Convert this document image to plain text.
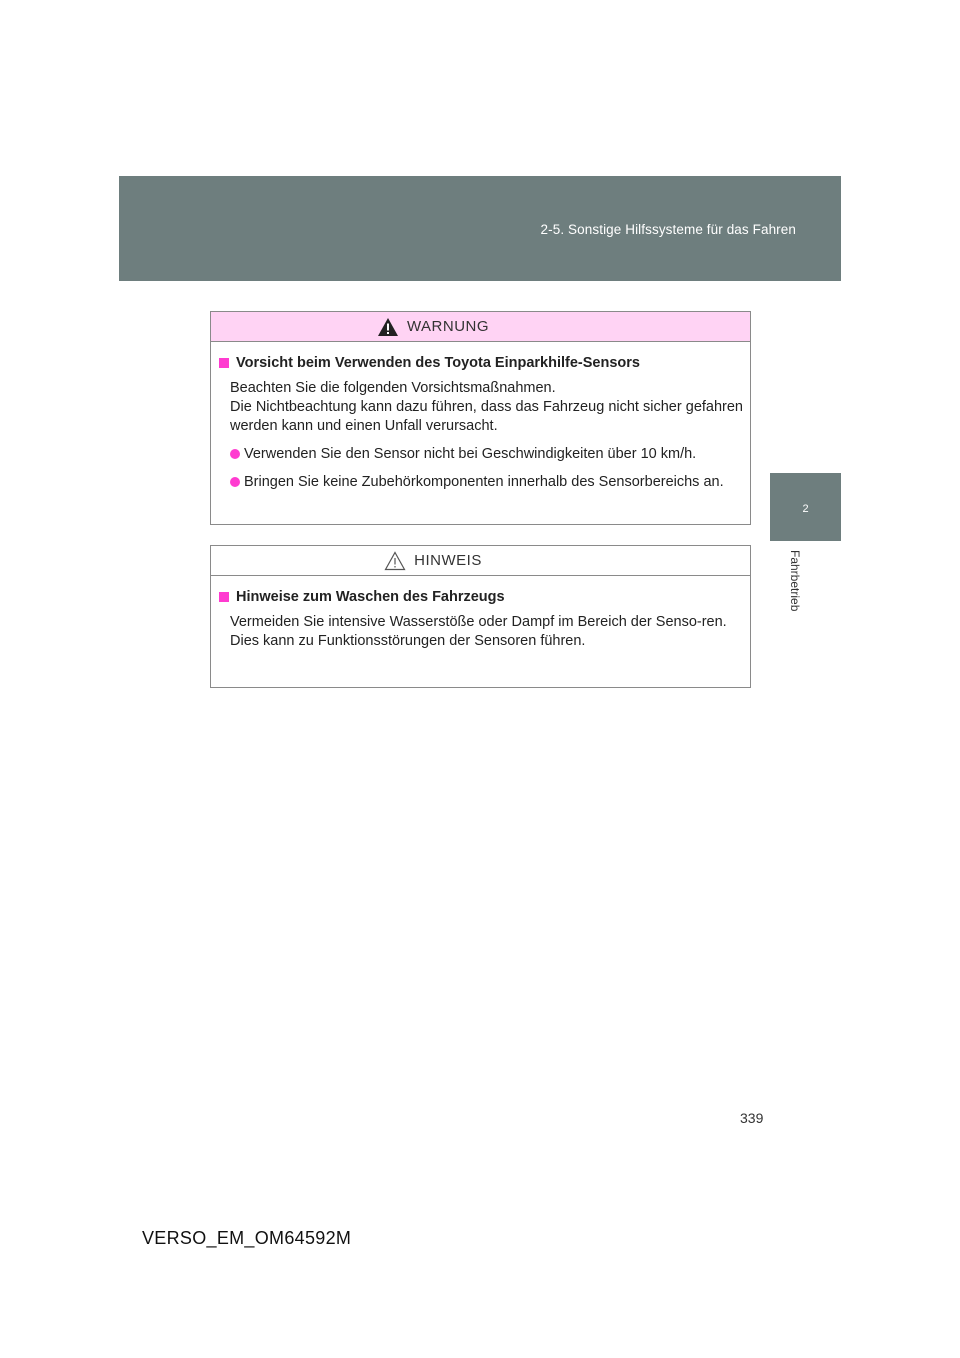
2-5. Sonstige Hilfssysteme für das Fahren
2
Fahrbetrieb
WARNUNG
Vorsicht beim Verwenden des Toyota Einparkhilfe-Sensors
Beachten Sie die folgenden Vorsichtsmaßnahmen.
Die Nichtbeachtung kann dazu führen, dass das Fahrzeug nicht sicher gefahren werden kann und einen Unfall verursacht.
Verwenden Sie den Sensor nicht bei Geschwindigkeiten über 10 km/h.
Bringen Sie keine Zubehörkomponenten innerhalb des Sensorbereichs an.
HINWEIS
Hinweise zum Waschen des Fahrzeugs
Vermeiden Sie intensive Wasserstöße oder Dampf im Bereich der Senso-ren.
Dies kann zu Funktionsstörungen der Sensoren führen.
339
VERSO_EM_OM64592M
